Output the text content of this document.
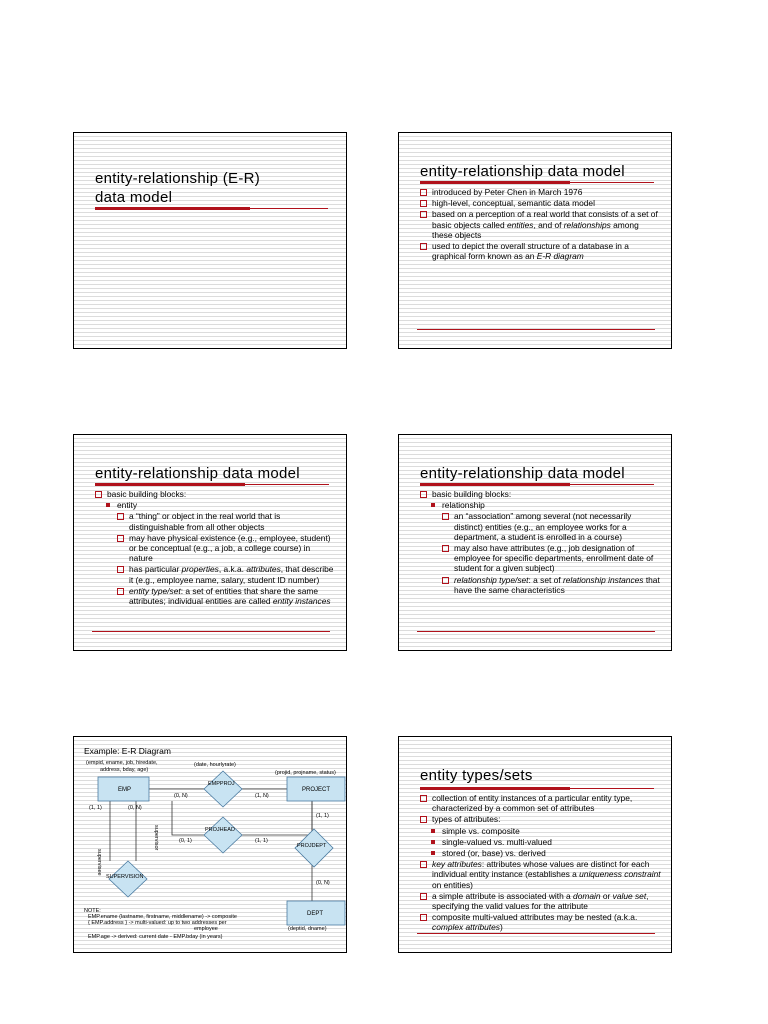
entity-relationship (E-R)
data model
entity-relationship data model
introduced by Peter Chen in March 1976
high-level, conceptual, semantic data model
based on a perception of a real world that consists of a set of basic objects called entities, and of relationships among these objects
used to depict the overall structure of a database in a graphical form known as an E-R diagram
entity-relationship data model
basic building blocks:
entity
a “thing” or object in the real world that is distinguishable from all other objects
may have physical existence (e.g., employee, student) or be conceptual (e.g., a job, a college course) in nature
has particular properties, a.k.a. attributes, that describe it (e.g., employee name, salary, student ID number)
entity type/set: a set of entities that share the same attributes; individual entities are called entity instances
entity-relationship data model
basic building blocks:
relationship
an “association” among several (not necessarily distinct) entities (e.g., an employee works for a department, a student is enrolled in a course)
may also have attributes (e.g., job designation of employee for specific departments, enrollment date of student for a given subject)
relationship type/set: a set of relationship instances that have the same characteristics
Example: E-R Diagram
(empid, ename, job, hiredate,
address, bday, age)
(date, hourlyrate)
(projid, projname, status)
EMP	PROJECT
DEPT
EMPPROJ
PROJHEAD
PROJDEPT
SUPERVISION
(1, 1)	(0, N)
(0, N)	(1, N)
(0, 1)	(1, 1)
(1, 1)
(0, N)
supervisee
supervisor
(deptid, dname)
NOTE:
EMP.ename (lastname, firstname, middlename) -> composite
{ EMP.address } -> multi-valued: up to two addresses per
employee
EMP.age -> derived: current date - EMP.bday (in years)
entity types/sets
collection of entity instances of a particular entity type, characterized by a common set of attributes
types of attributes:
simple vs. composite
single-valued vs. multi-valued
stored (or, base) vs. derived
key attributes: attributes whose values are distinct for each individual entity instance (establishes a uniqueness constraint on entities)
a simple attribute is associated with a domain or value set, specifying the valid values for the attribute
composite multi-valued attributes may be nested (a.k.a. complex attributes)
